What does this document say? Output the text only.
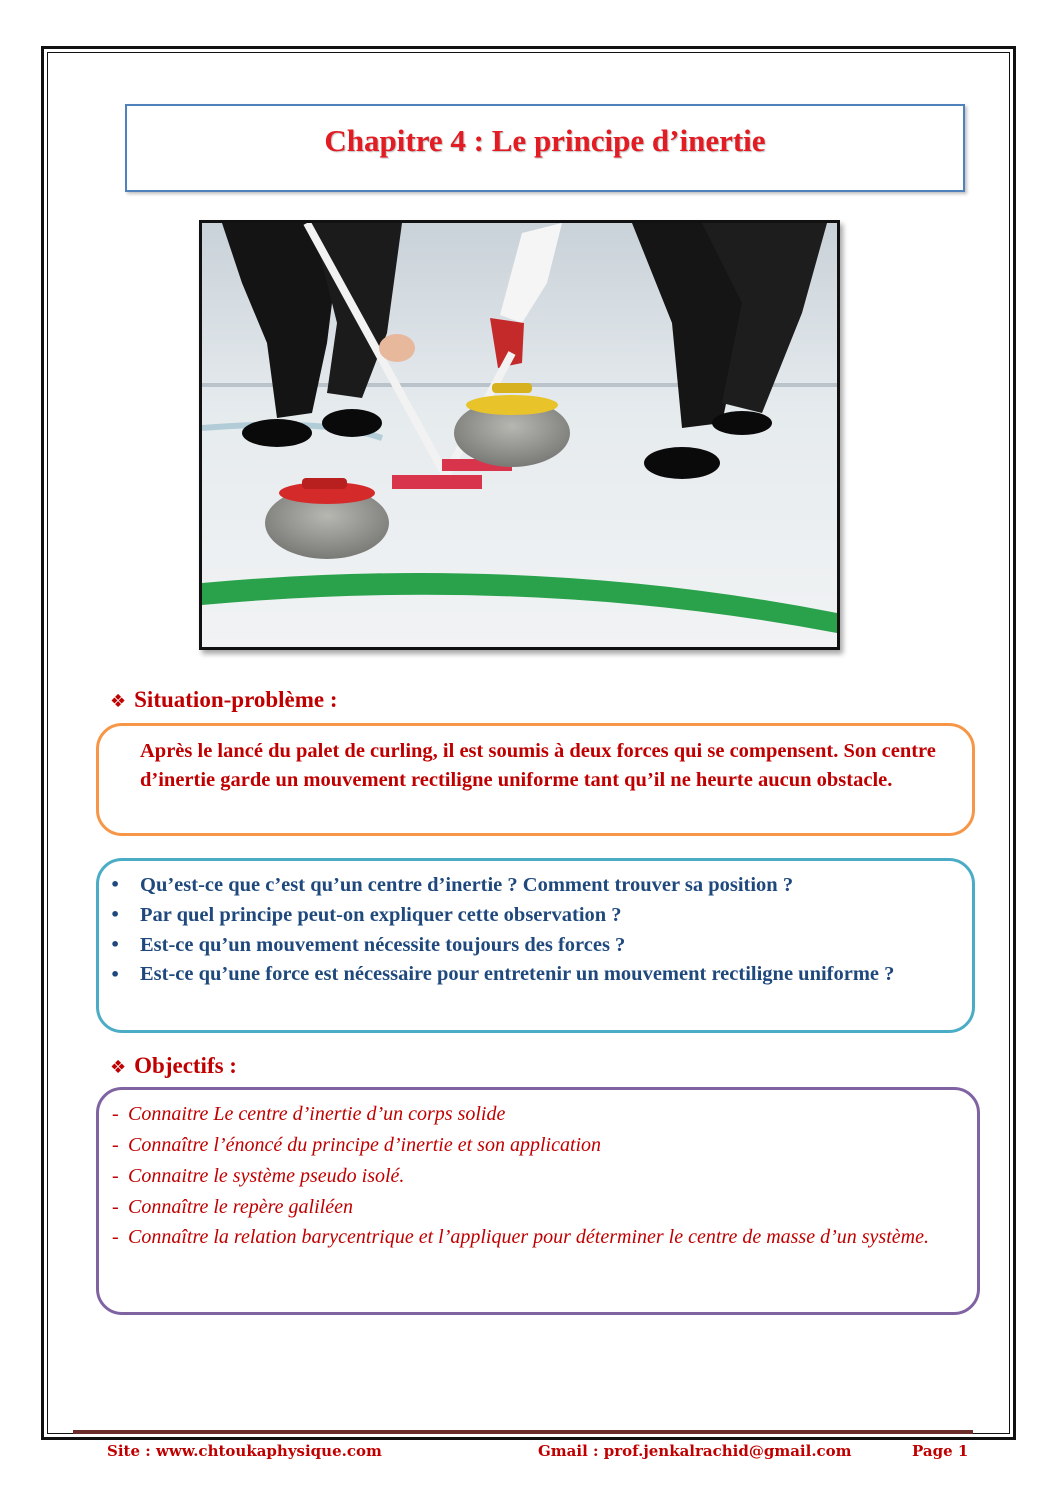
Chapitre 4 : Le principe d’inertie
❖ Situation-problème :
Après le lancé du palet de curling, il est soumis à deux forces qui se compensent. Son centre d’inertie garde un mouvement rectiligne uniforme tant qu’il ne heurte aucun obstacle.
• Qu’est-ce que c’est qu’un centre d’inertie ? Comment trouver sa position ?
• Par quel principe peut-on expliquer cette observation ?
• Est-ce qu’un mouvement nécessite toujours des forces ?
• Est-ce qu’une force est nécessaire pour entretenir un mouvement rectiligne uniforme ?
❖ Objectifs :
- Connaitre Le centre d’inertie d’un corps solide
- Connaître l’énoncé du principe d’inertie et son application
- Connaitre le système pseudo isolé.
- Connaître le repère galiléen
- Connaître la relation barycentrique et l’appliquer pour déterminer le centre de masse d’un système.
Site : www.chtoukaphysique.com	Gmail : prof.jenkalrachid@gmail.com	Page 1
